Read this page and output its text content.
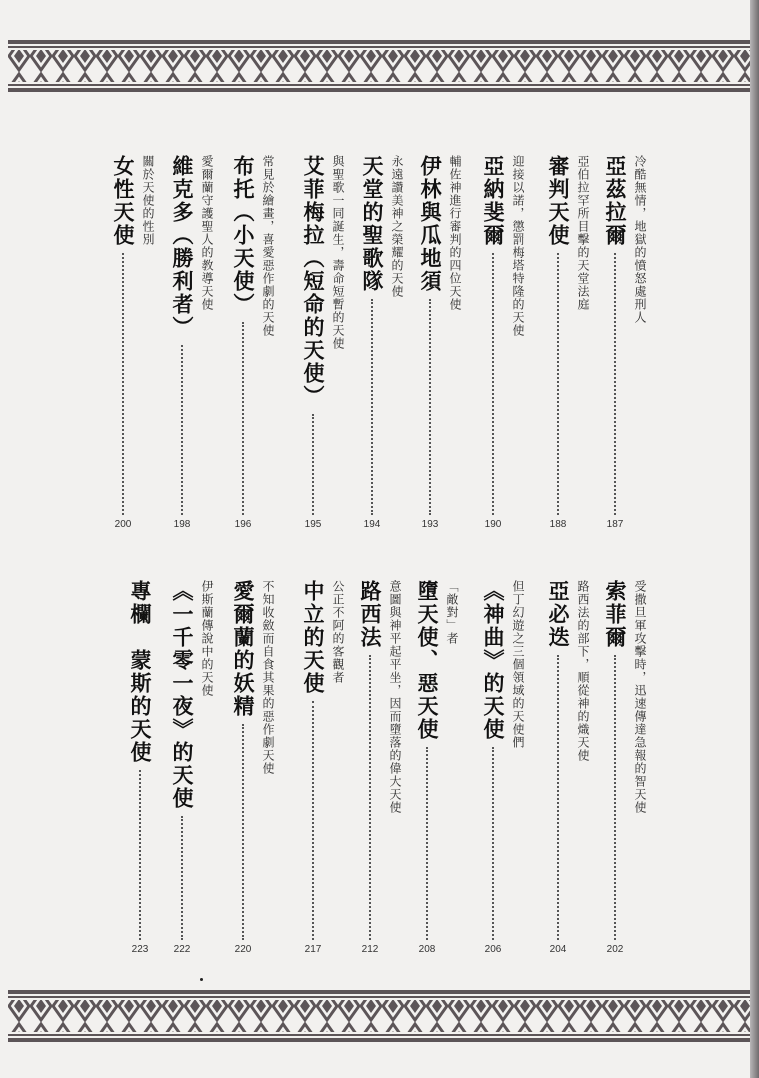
冷酷無情，地獄的憤怒處刑人
亞茲拉爾
187
亞伯拉罕所目擊的天堂法庭
審判天使
188
迎接以諾，懲罰梅塔特隆的天使
亞納斐爾
190
輔佐神進行審判的四位天使
伊林與瓜地須
193
永遠讚美神之榮耀的天使
天堂的聖歌隊
194
與聖歌一同誕生，壽命短暫的天使
艾菲梅拉（短命的天使）
195
常見於繪畫，喜愛惡作劇的天使
布托（小天使）
196
愛爾蘭守護聖人的教導天使
維克多（勝利者）
198
關於天使的性別
女性天使
200
受撒旦軍攻擊時，迅速傳達急報的智天使
索菲爾
202
路西法的部下，順從神的熾天使
亞必迭
204
但丁幻遊之三個領域的天使們
《神曲》的天使
206
「敵對」者
墮天使、惡天使
208
意圖與神平起平坐，因而墮落的偉大天使
路西法
212
公正不阿的客觀者
中立的天使
217
不知收斂而自食其果的惡作劇天使
愛爾蘭的妖精
220
伊斯蘭傳說中的天使
《一千零一夜》的天使
222
專欄　蒙斯的天使
223
